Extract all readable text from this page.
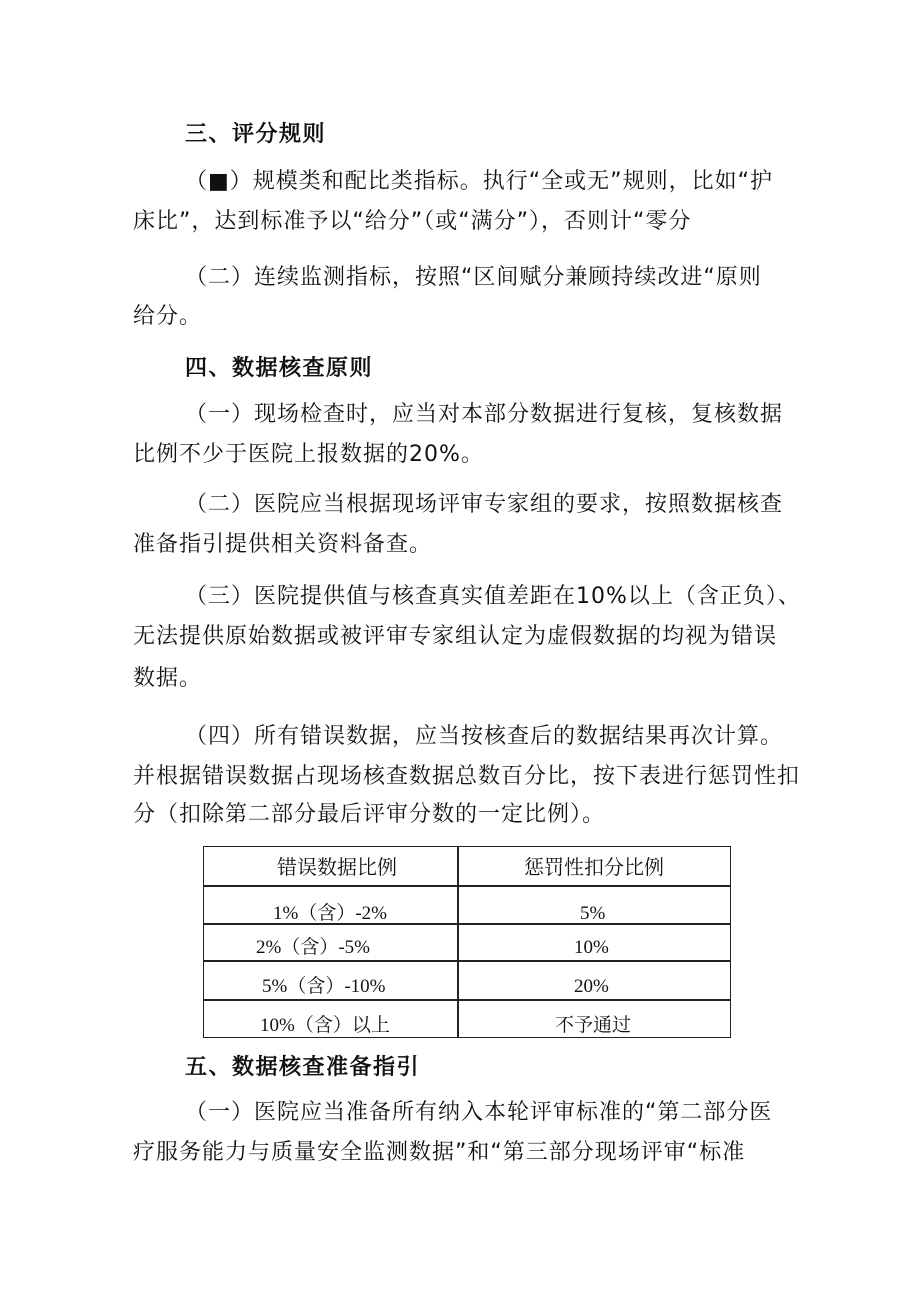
三、评分规则
（■）规模类和配比类指标。执行“全或无”规则，比如“护
床比”，达到标准予以“给分”（或“满分”），否则计“零分
（二）连续监测指标，按照“区间赋分兼顾持续改进“原则
给分。
四、数据核查原则
（一）现场检查时，应当对本部分数据进行复核，复核数据
比例不少于医院上报数据的20%。
（二）医院应当根据现场评审专家组的要求，按照数据核查
准备指引提供相关资料备查。
（三）医院提供值与核查真实值差距在10%以上（含正负）、
无法提供原始数据或被评审专家组认定为虚假数据的均视为错误
数据。
（四）所有错误数据，应当按核查后的数据结果再次计算。
并根据错误数据占现场核查数据总数百分比，按下表进行惩罚性扣
分（扣除第二部分最后评审分数的一定比例）。
错误数据比例	惩罚性扣分比例
1%（含）-2%	5%
2%（含）-5%	10%
5%（含）-10%	20%
10%（含）以上	不予通过
五、数据核查准备指引
（一）医院应当准备所有纳入本轮评审标准的“第二部分医
疗服务能力与质量安全监测数据”和“第三部分现场评审“标准
